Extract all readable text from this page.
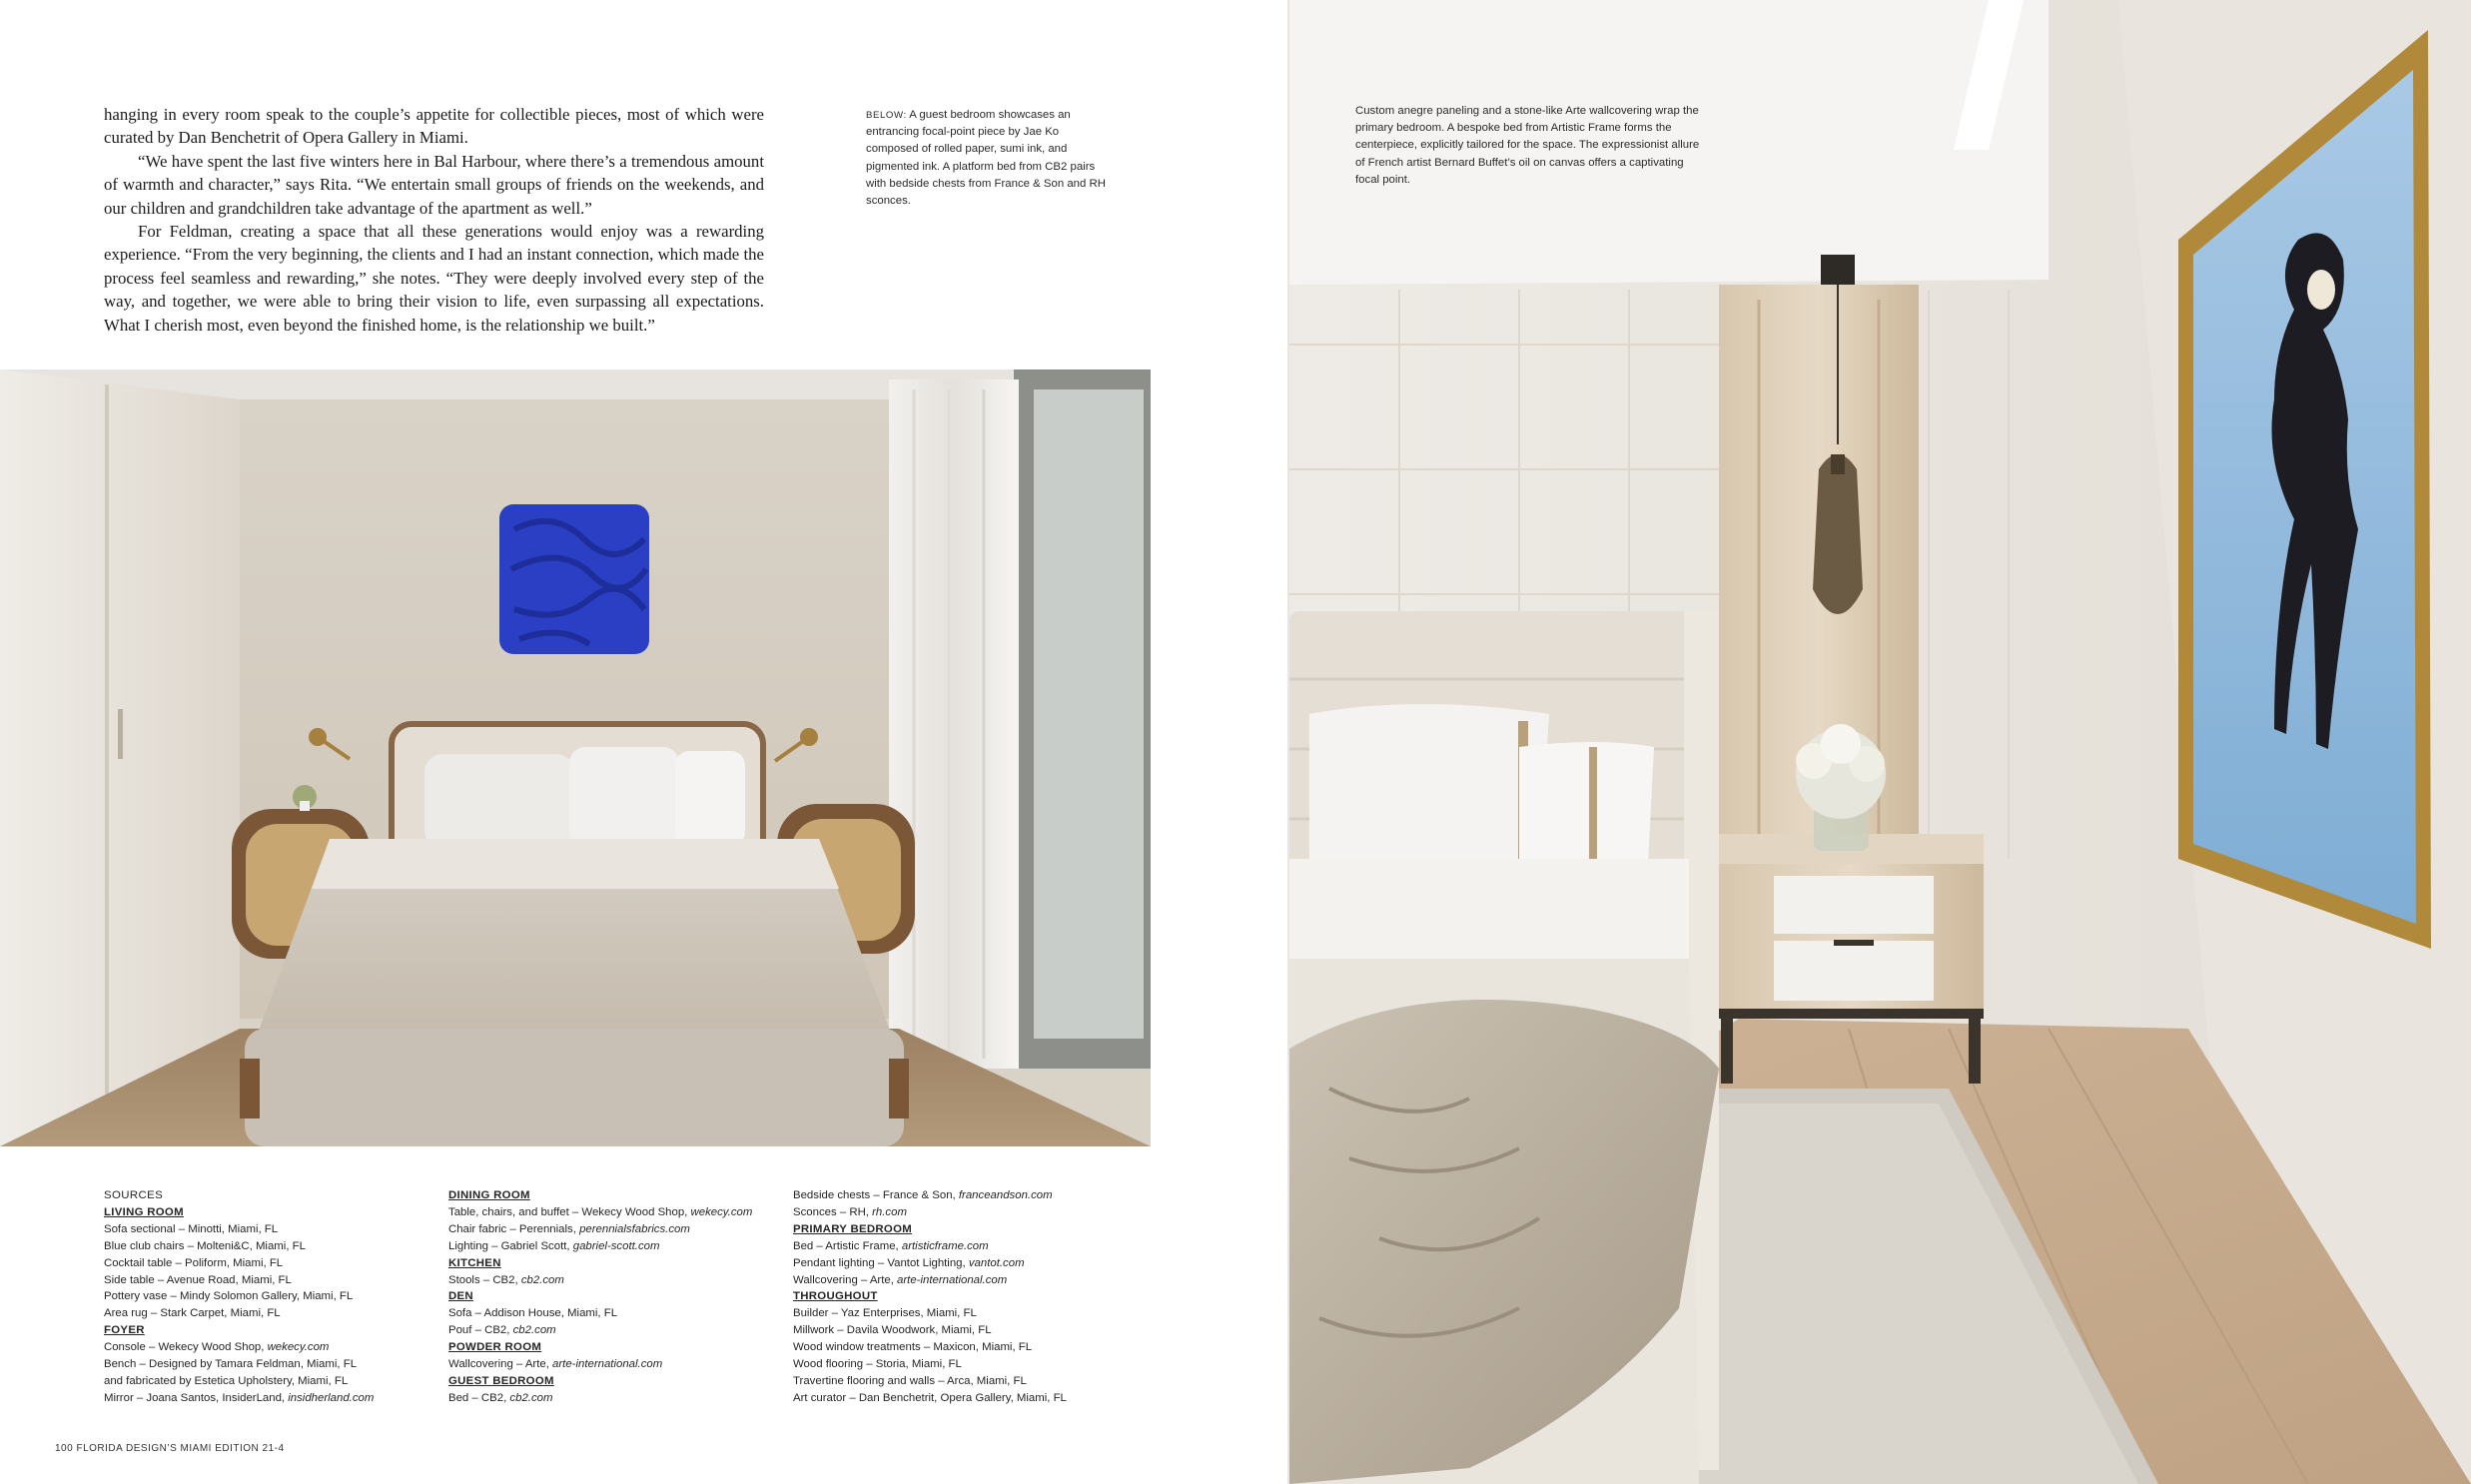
hanging in every room speak to the couple’s appetite for collectible pieces, most of which were curated by Dan Benchetrit of Opera Gallery in Miami.

“We have spent the last five winters here in Bal Harbour, where there’s a tremendous amount of warmth and character,” says Rita. “We entertain small groups of friends on the weekends, and our children and grandchildren take advantage of the apartment as well.”

For Feldman, creating a space that all these generations would enjoy was a rewarding experience. “From the very beginning, the clients and I had an instant connection, which made the process feel seamless and rewarding,” she notes. “They were deeply involved every step of the way, and together, we were able to bring their vision to life, even surpassing all expectations. What I cherish most, even beyond the finished home, is the relationship we built.”

BELOW: A guest bedroom showcases an entrancing focal-point piece by Jae Ko composed of rolled paper, sumi ink, and pigmented ink. A platform bed from CB2 pairs with bedside chests from France & Son and RH sconces.
SOURCES
LIVING ROOM
Sofa sectional – Minotti, Miami, FL
Blue club chairs – Molteni&C, Miami, FL
Cocktail table – Poliform, Miami, FL
Side table – Avenue Road, Miami, FL
Pottery vase – Mindy Solomon Gallery, Miami, FL
Area rug – Stark Carpet, Miami, FL
FOYER
Console – Wekecy Wood Shop, wekecy.com
Bench – Designed by Tamara Feldman, Miami, FL
and fabricated by Estetica Upholstery, Miami, FL
Mirror – Joana Santos, InsiderLand, insidherland.com
DINING ROOM
Table, chairs, and buffet – Wekecy Wood Shop, wekecy.com
Chair fabric – Perennials, perennialsfabrics.com
Lighting – Gabriel Scott, gabriel-scott.com
KITCHEN
Stools – CB2, cb2.com
DEN
Sofa – Addison House, Miami, FL
Pouf – CB2, cb2.com
POWDER ROOM
Wallcovering – Arte, arte-international.com
GUEST BEDROOM
Bed – CB2, cb2.com
Bedside chests – France & Son, franceandson.com
Sconces – RH, rh.com
PRIMARY BEDROOM
Bed – Artistic Frame, artisticframe.com
Pendant lighting – Vantot Lighting, vantot.com
Wallcovering – Arte, arte-international.com
THROUGHOUT
Builder – Yaz Enterprises, Miami, FL
Millwork – Davila Woodwork, Miami, FL
Wood window treatments – Maxicon, Miami, FL
Wood flooring – Storia, Miami, FL
Travertine flooring and walls – Arca, Miami, FL
Art curator – Dan Benchetrit, Opera Gallery, Miami, FL
100 FLORIDA DESIGN’S MIAMI EDITION 21-4
Custom anegre paneling and a stone-like Arte wallcovering wrap the primary bedroom. A bespoke bed from Artistic Frame forms the centerpiece, explicitly tailored for the space. The expressionist allure of French artist Bernard Buffet’s oil on canvas offers a captivating focal point.
